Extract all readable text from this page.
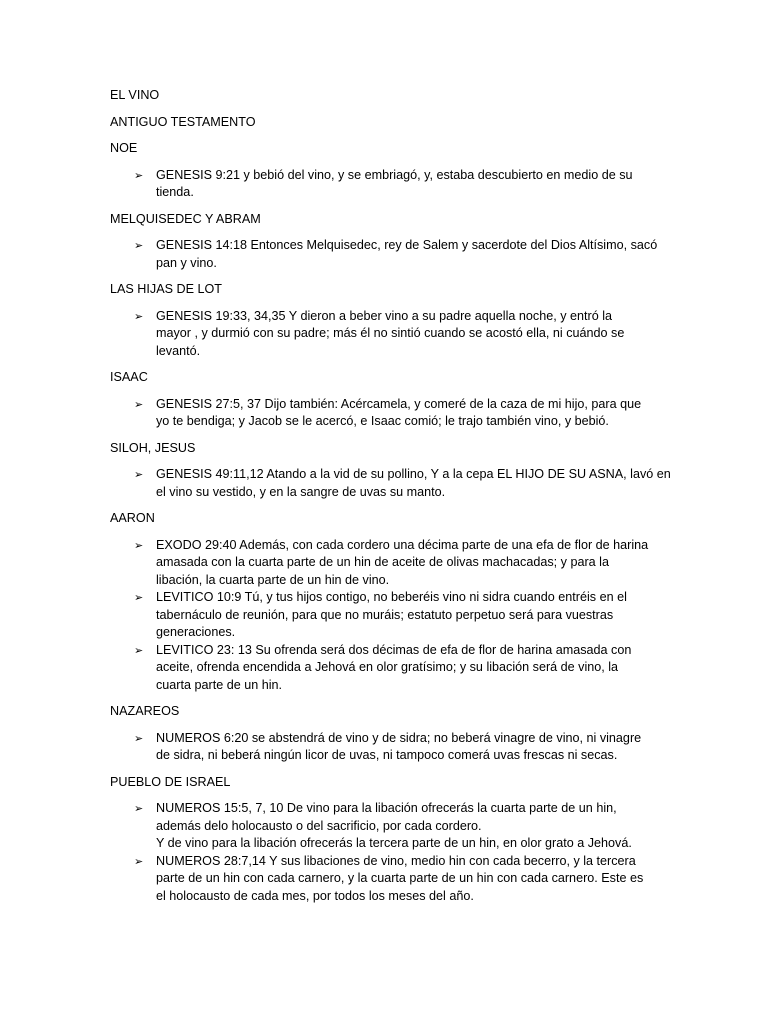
EL VINO
ANTIGUO TESTAMENTO
NOE
➢ GENESIS 9:21 y bebió del vino, y se embriagó, y, estaba descubierto en medio de su
tienda.
MELQUISEDEC Y ABRAM
➢ GENESIS 14:18 Entonces Melquisedec, rey de Salem y sacerdote del Dios Altísimo, sacó
pan y vino.
LAS HIJAS DE LOT
➢ GENESIS 19:33, 34,35 Y dieron a beber vino a su padre aquella noche, y entró la
mayor , y durmió con su padre; más él no sintió cuando se acostó ella, ni cuándo se
levantó.
ISAAC
➢ GENESIS 27:5, 37 Dijo también: Acércamela, y comeré de la caza de mi hijo, para que
yo te bendiga; y Jacob se le acercó, e Isaac comió; le trajo también vino, y bebió.
SILOH, JESUS
➢ GENESIS 49:11,12 Atando a la vid de su pollino, Y a la cepa EL HIJO DE SU ASNA, lavó en
el vino su vestido, y en la sangre de uvas su manto.
AARON
➢ EXODO 29:40 Además, con cada cordero una décima parte de una efa de flor de harina
amasada con la cuarta parte de un hin de aceite de olivas machacadas; y para la
libación, la cuarta parte de un hin de vino.
➢ LEVITICO 10:9 Tú, y tus hijos contigo, no beberéis vino ni sidra cuando entréis en el
tabernáculo de reunión, para que no muráis; estatuto perpetuo será para vuestras
generaciones.
➢ LEVITICO 23: 13 Su ofrenda será dos décimas de efa de flor de harina amasada con
aceite, ofrenda encendida a Jehová en olor gratísimo; y su libación será de vino, la
cuarta parte de un hin.
NAZAREOS
➢ NUMEROS 6:20 se abstendrá de vino y de sidra; no beberá vinagre de vino, ni vinagre
de sidra, ni beberá ningún licor de uvas, ni tampoco comerá uvas frescas ni secas.
PUEBLO DE ISRAEL
➢ NUMEROS 15:5, 7, 10 De vino para la libación ofrecerás la cuarta parte de un hin,
además delo holocausto o del sacrificio, por cada cordero.
Y de vino para la libación ofrecerás la tercera parte de un hin, en olor grato a Jehová.
➢ NUMEROS 28:7,14 Y sus libaciones de vino, medio hin con cada becerro, y la tercera
parte de un hin con cada carnero, y la cuarta parte de un hin con cada carnero. Este es
el holocausto de cada mes, por todos los meses del año.
